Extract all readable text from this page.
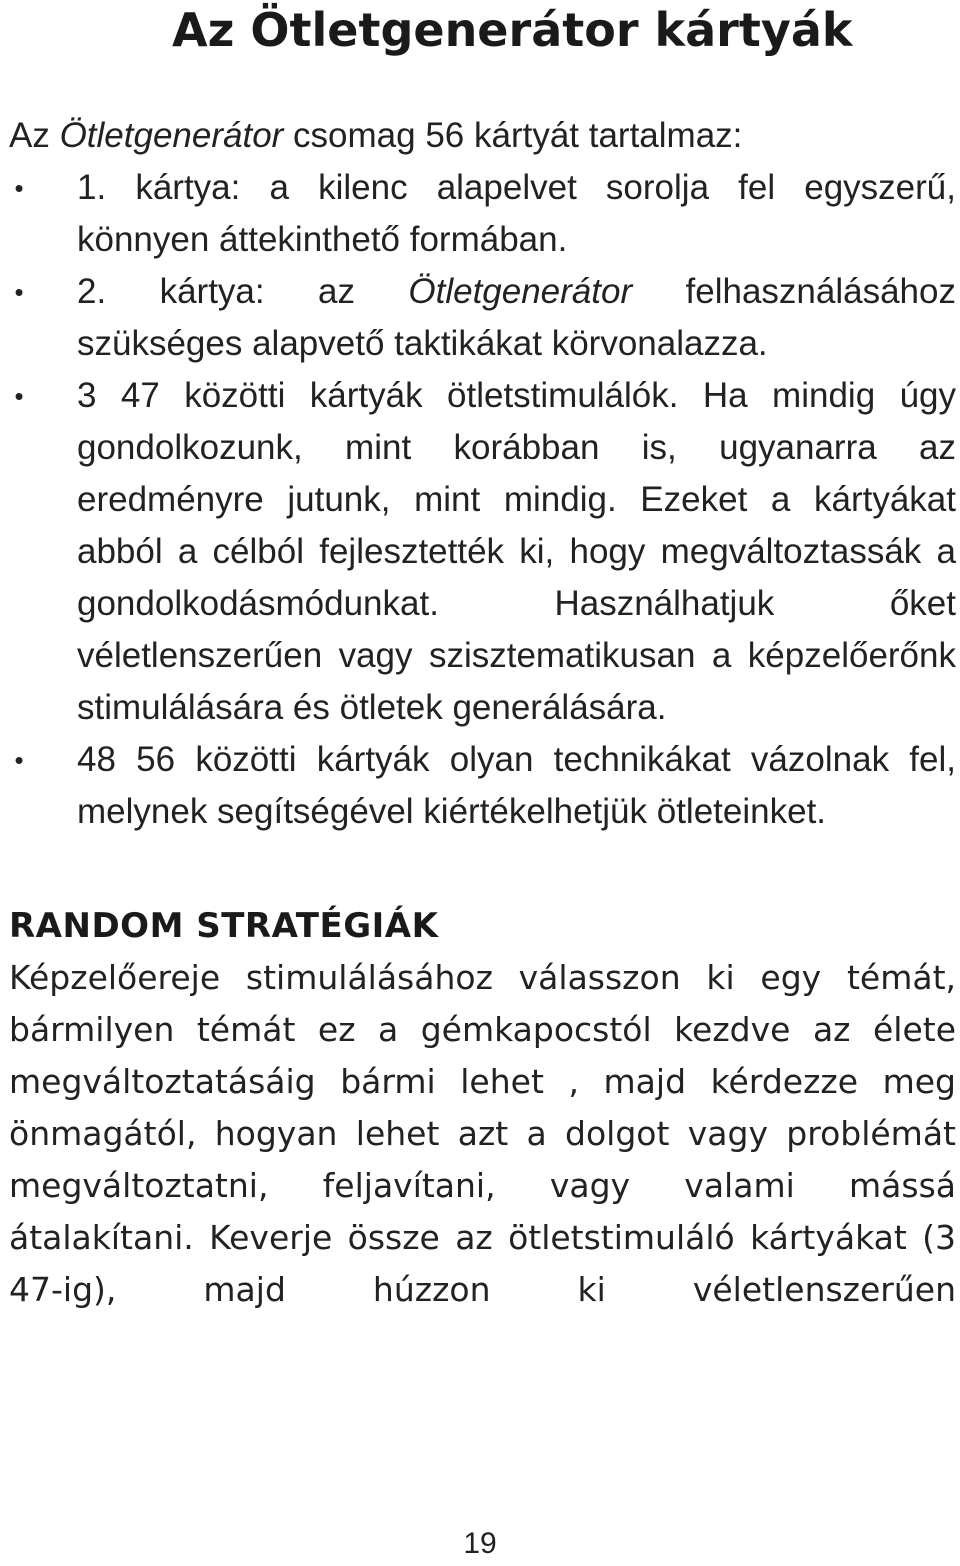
Az Ötletgenerátor kártyák

Az Ötletgenerátor csomag 56 kártyát tartalmaz:

• 1. kártya: a kilenc alapelvet sorolja fel egyszerű, könnyen áttekinthető formában.
• 2. kártya: az Ötletgenerátor felhasználásához szükséges alapvető taktikákat körvonalazza.
• 3 47 közötti kártyák ötletstimulálók. Ha mindig úgy gondolkozunk, mint korábban is, ugyanarra az eredményre jutunk, mint mindig. Ezeket a kártyákat abból a célból fejlesztették ki, hogy megváltoztassák a gondolkodásmódunkat. Használhatjuk őket véletlenszerűen vagy szisztematikusan a képzelőerőnk stimulálására és ötletek generálására.
• 48 56 közötti kártyák olyan technikákat vázolnak fel, melynek segítségével kiértékelhetjük ötleteinket.
RANDOM STRATÉGIÁK

Képzelőereje stimulálásához válasszon ki egy témát, bármilyen témát ez a gémkapocstól kezdve az élete megváltoztatásáig bármi lehet , majd kérdezze meg önmagától, hogyan lehet azt a dolgot vagy problémát megváltoztatni, feljavítani, vagy valami mássá átalakítani. Keverje össze az ötletstimuláló kártyákat (3 47-ig), majd húzzon ki véletlenszerűen

19
